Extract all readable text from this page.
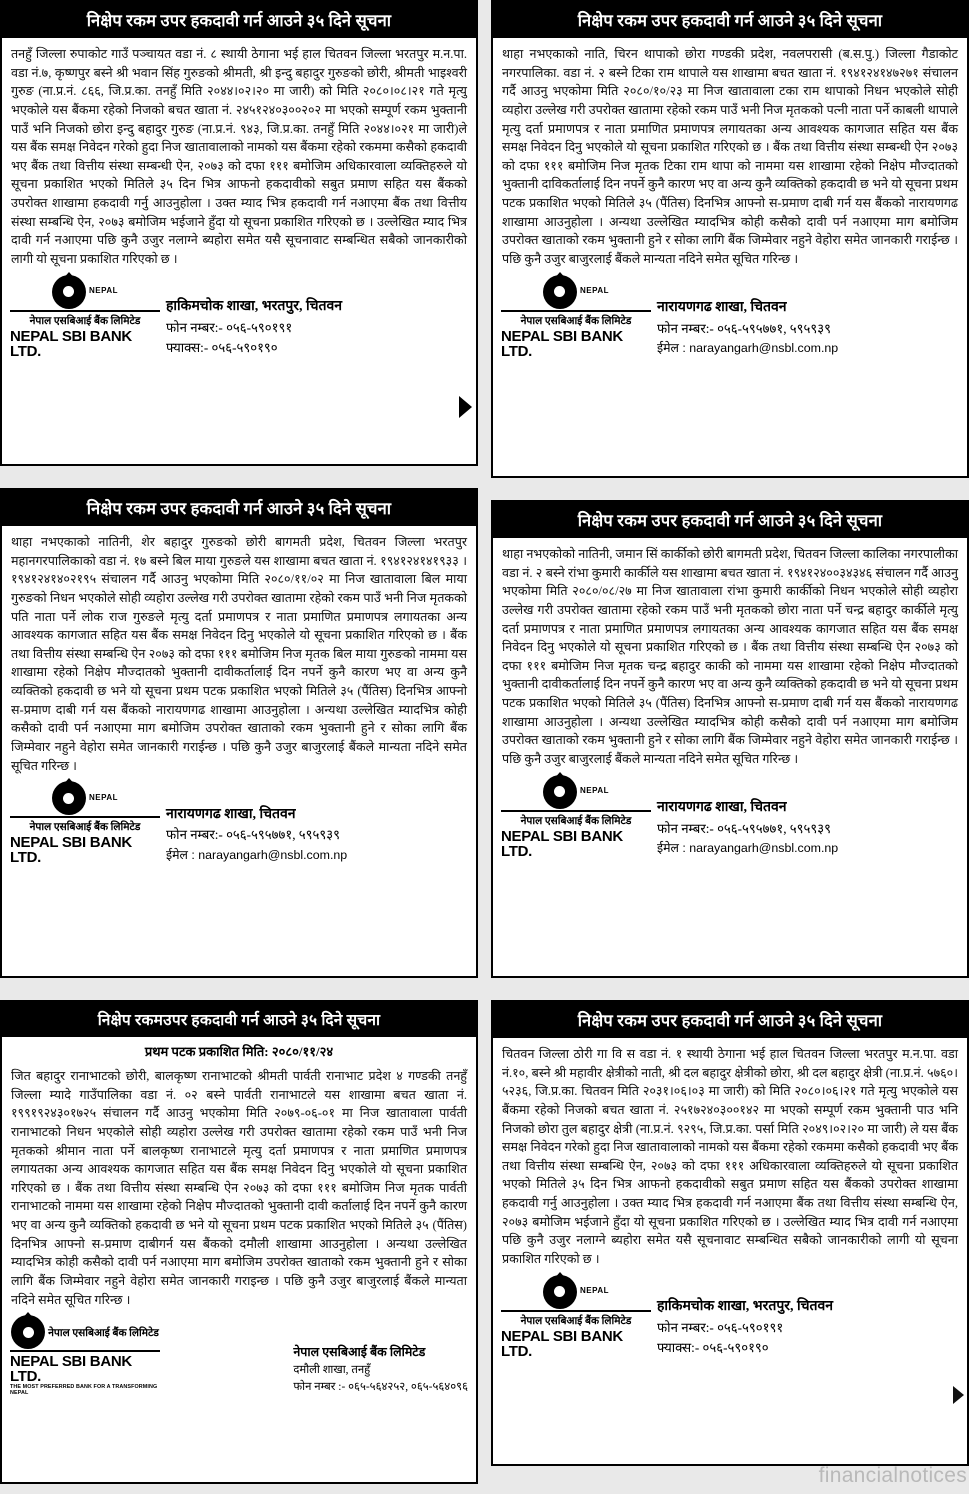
निक्षेप रकम उपर हकदावी गर्न आउने ३५ दिने सूचना
तनहुँ जिल्ला रुपाकोट गाउँ पञ्चायत वडा नं. ८ स्थायी ठेगाना भई हाल चितवन जिल्ला भरतपुर म.न.पा. वडा नं.७, कृष्णपुर बस्ने श्री भवान सिंह गुरुङको श्रीमती, श्री इन्दु बहादुर गुरुङको छोरी, श्रीमती भाइश्वरी गुरुङ (ना.प्र.नं. ८६६, जि.प्र.का. तनहुँ मिति २०४४।०२।२० मा जारी) को मिति २०८०।०८।२१ गते मृत्यु भएकोले यस बैंकमा रहेको निजको बचत खाता नं. २४५१२४०३००२०२ मा भएको सम्पूर्ण रकम भुक्तानी पाउँ भनि निजको छोरा इन्दु बहादुर गुरुङ (ना.प्र.नं. ९४३, जि.प्र.का. तनहुँ मिति २०४४।०२१ मा जारी)ले यस बैंक समक्ष निवेदन गरेको हुदा निज खातावालाको नामको यस बैंकमा रहेको रकममा कसैको हकदावी भए बैंक तथा वित्तीय संस्था सम्बन्धी ऐन, २०७३ को दफा १११ बमोजिम अधिकारवाला व्यक्तिहरुले यो सूचना प्रकाशित भएको मितिले ३५ दिन भित्र आफनो हकदावीको सबुत प्रमाण सहित यस बैंकको उपरोक्त शाखामा हकदावी गर्नु आउनुहोला । उक्त म्याद भित्र हकदावी गर्न नआएमा बैंक तथा वित्तीय संस्था सम्बन्धि ऐन, २०७३ बमोजिम भईजाने हुँदा यो सूचना प्रकाशित गरिएको छ । उल्लेखित म्याद भित्र दावी गर्न नआएमा पछि कुनै उजुर नलाग्ने ब्यहोरा समेत यसै सूचनावाट सम्बन्धित सबैको जानकारीको लागी यो सूचना प्रकाशित गरिएको छ ।
NEPAL
नेपाल एसबिआई बैंक लिमिटेड
NEPAL SBI BANK LTD.
हाकिमचोक शाखा, भरतपुर, चितवन
फोन नम्बर:- ०५६-५९०१९१
फ्याक्स:- ०५६-५९०१९०
निक्षेप रकम उपर हकदावी गर्न आउने ३५ दिने सूचना
थाहा नभएकाको नातिनी, शेर बहादुर गुरुङको छोरी बागमती प्रदेश, चितवन जिल्ला भरतपुर महानगरपालिकाको वडा नं. १७ बस्ने बिल माया गुरुङले यस शाखामा बचत खाता नं. १९४१२४१४१९३३ ।१९४१२४१४०२१९५ संचालन गर्दै आउनु भएकोमा मिति २०८०/११/०२ मा निज खातावाला बिल माया गुरुङको निधन भएकोले सोही व्यहोरा उल्लेख गरी उपरोक्त खातामा रहेको रकम पाउँ भनी निज मृतकको पति नाता पर्ने लोक राज गुरुङले मृत्यु दर्ता प्रमाणपत्र र नाता प्रमाणित प्रमाणपत्र लगायतका अन्य आवश्यक कागजात सहित यस बैंक समक्ष निवेदन दिनु भएकोले यो सूचना प्रकाशित गरिएको छ । बैंक तथा वित्तीय संस्था सम्बन्धि ऐन २०७३ को दफा १११ बमोजिम निज मृतक बिल माया गुरुङको नाममा यस शाखामा रहेको निक्षेप मौज्दातको भुक्तानी दावीकर्तालाई दिन नपर्ने कुनै कारण भए वा अन्य कुनै व्यक्तिको हकदावी छ भने यो सूचना प्रथम पटक प्रकाशित भएको मितिले ३५ (पैंतिस) दिनभित्र आफ्नो स-प्रमाण दाबी गर्न यस बैंकको नारायणगढ शाखामा आउनुहोला । अन्यथा उल्लेखित म्यादभित्र कोही कसैको दावी पर्न नआएमा माग बमोजिम उपरोक्त खाताको रकम भुक्तानी हुने र सोका लागि बैंक जिम्मेवार नहुने वेहोरा समेत जानकारी गराईन्छ । पछि कुनै उजुर बाजुरलाई बैंकले मान्यता नदिने समेत सूचित गरिन्छ ।
NEPAL
नेपाल एसबिआई बैंक लिमिटेड
NEPAL SBI BANK LTD.
नारायणगढ शाखा, चितवन
फोन नम्बर:- ०५६-५९५७७१, ५९५९३९
ईमेल : narayangarh@nsbl.com.np
निक्षेप रकमउपर हकदावी गर्न आउने ३५ दिने सूचना
प्रथम पटक प्रकाशित मिति: २०८०/११/२४
जित बहादुर रानाभाटको छोरी, बालकृष्ण रानाभाटको श्रीमती पार्वती रानाभाट प्रदेश ४ गण्डकी तनहुँ जिल्ला म्यादे गाउँपालिका वडा नं. ०२ बस्ने पार्वती रानाभाटले यस शाखामा बचत खाता नं. १९९१९२४३०१७२५ संचालन गर्दै आउनु भएकोमा मिति २०७९-०६-०१ मा निज खातावाला पार्वती रानाभाटको निधन भएकोले सोही व्यहोरा उल्लेख गरी उपरोक्त खातामा रहेको रकम पाउँ भनी निज मृतकको श्रीमान नाता पर्ने बालकृष्ण रानाभाटले मृत्यु दर्ता प्रमाणपत्र र नाता प्रमाणित प्रमाणपत्र लगायतका अन्य आवश्यक कागजात सहित यस बैंक समक्ष निवेदन दिनु भएकोले यो सूचना प्रकाशित गरिएको छ । बैंक तथा वित्तीय संस्था सम्बन्धि ऐन २०७३ को दफा १११ बमोजिम निज मृतक पार्वती रानाभाटको नाममा यस शाखामा रहेको निक्षेप मौज्दातको भुक्तानी दावी कर्तालाई दिन नपर्ने कुनै कारण भए वा अन्य कुनै व्यक्तिको हकदावी छ भने यो सूचना प्रथम पटक प्रकाशित भएको मितिले ३५ (पैंतिस) दिनभित्र आफ्नो स-प्रमाण दाबीगर्न यस बैंकको दमौली शाखामा आउनुहोला । अन्यथा उल्लेखित म्यादभित्र कोही कसैको दावी पर्न नआएमा माग बमोजिम उपरोक्त खाताको रकम भुक्तानी हुने र सोका लागि बैंक जिम्मेवार नहुने वेहोरा समेत जानकारी गराइन्छ । पछि कुनै उजुर बाजुरलाई बैंकले मान्यता नदिने समेत सूचित गरिन्छ ।
नेपाल एसबिआई बैंक लिमिटेड
NEPAL SBI BANK LTD.
THE MOST PREFERRED BANK FOR A TRANSFORMING NEPAL
नेपाल एसबिआई बैंक लिमिटेड
दमौली शाखा, तनहुँ
फोन नम्बर :- ०६५-५६४२५२, ०६५-५६४०९६
निक्षेप रकम उपर हकदावी गर्न आउने ३५ दिने सूचना
थाहा नभएकाको नाति, चिरन थापाको छोरा गण्डकी प्रदेश, नवलपरासी (ब.स.पु.) जिल्ला गैडाकोट नगरपालिका. वडा नं. २ बस्ने टिका राम थापाले यस शाखामा बचत खाता नं. १९४१२४१४७२७१ संचालन गर्दै आउनु भएकोमा मिति २०८०/१०/२३ मा निज खातावाला टका राम थापाको निधन भएकोले सोही व्यहोरा उल्लेख गरी उपरोक्त खातामा रहेको रकम पाउँ भनी निज मृतकको पत्नी नाता पर्ने काबली थापाले मृत्यु दर्ता प्रमाणपत्र र नाता प्रमाणित प्रमाणपत्र लगायतका अन्य आवश्यक कागजात सहित यस बैंक समक्ष निवेदन दिनु भएकोले यो सूचना प्रकाशित गरिएको छ । बैंक तथा वित्तीय संस्था सम्बन्धी ऐन २०७३ को दफा १११ बमोजिम निज मृतक टिका राम थापा को नाममा यस शाखामा रहेको निक्षेप मौज्दातको भुक्तानी दाविकर्तालाई दिन नपर्ने कुनै कारण भए वा अन्य कुनै व्यक्तिको हकदावी छ भने यो सूचना प्रथम पटक प्रकाशित भएको मितिले ३५ (पैंतिस) दिनभित्र आफ्नो स-प्रमाण दाबी गर्न यस बैंकको नारायणगढ शाखामा आउनुहोला । अन्यथा उल्लेखित म्यादभित्र कोही कसैको दावी पर्न नआएमा माग बमोजिम उपरोक्त खाताको रकम भुक्तानी हुने र सोका लागि बैंक जिम्मेवार नहुने वेहोरा समेत जानकारी गराईन्छ । पछि कुनै उजुर बाजुरलाई बैंकले मान्यता नदिने समेत सूचित गरिन्छ ।
NEPAL
नेपाल एसबिआई बैंक लिमिटेड
NEPAL SBI BANK LTD.
नारायणगढ शाखा, चितवन
फोन नम्बर:- ०५६-५९५७७१, ५९५९३९
ईमेल : narayangarh@nsbl.com.np
निक्षेप रकम उपर हकदावी गर्न आउने ३५ दिने सूचना
थाहा नभएकोको नातिनी, जमान सिं कार्कीको छोरी बागमती प्रदेश, चितवन जिल्ला कालिका नगरपालीका वडा नं. २ बस्ने रांभा कुमारी कार्कीले यस शाखामा बचत खाता नं. १९४१२४००३४३४६ संचालन गर्दै आउनु भएकोमा मिति २०८०/०८/२७ मा निज खातावाला रांभा कुमारी कार्कीको निधन भएकोले सोही व्यहोरा उल्लेख गरी उपरोक्त खातामा रहेको रकम पाउँ भनी मृतकको छोरा नाता पर्ने चन्द्र बहादुर कार्कीले मृत्यु दर्ता प्रमाणपत्र र नाता प्रमाणित प्रमाणपत्र लगायतका अन्य आवश्यक कागजात सहित यस बैंक समक्ष निवेदन दिनु भएकोले यो सूचना प्रकाशित गरिएको छ । बैंक तथा वित्तीय संस्था सम्बन्धि ऐन २०७३ को दफा १११ बमोजिम निज मृतक चन्द्र बहादुर काकी को नाममा यस शाखामा रहेको निक्षेप मौज्दातको भुक्तानी दावीकर्तालाई दिन नपर्ने कुनै कारण भए वा अन्य कुनै व्यक्तिको हकदावी छ भने यो सूचना प्रथम पटक प्रकाशित भएको मितिले ३५ (पैंतिस) दिनभित्र आफ्नो स-प्रमाण दाबी गर्न यस बैंकको नारायणगढ शाखामा आउनुहोला । अन्यथा उल्लेखित म्यादभित्र कोही कसैको दावी पर्न नआएमा माग बमोजिम उपरोक्त खाताको रकम भुक्तानी हुने र सोका लागि बैंक जिम्मेवार नहुने वेहोरा समेत जानकारी गराईन्छ । पछि कुनै उजुर बाजुरलाई बैंकले मान्यता नदिने समेत सूचित गरिन्छ ।
NEPAL
नेपाल एसबिआई बैंक लिमिटेड
NEPAL SBI BANK LTD.
नारायणगढ शाखा, चितवन
फोन नम्बर:- ०५६-५९५७७१, ५९५९३९
ईमेल : narayangarh@nsbl.com.np
निक्षेप रकम उपर हकदावी गर्न आउने ३५ दिने सूचना
चितवन जिल्ला ठोरी गा वि स वडा नं. १ स्थायी ठेगाना भई हाल चितवन जिल्ला भरतपुर म.न.पा. वडा नं.१०, बस्ने श्री महावीर क्षेत्रीको नाती, श्री दल बहादुर क्षेत्रीको छोरा, श्री दल बहादुर क्षेत्री (ना.प्र.नं. ५७६०।५२३६, जि.प्र.का. चितवन मिति २०३१।०६।०३ मा जारी) को मिति २०८०।०६।२१ गते मृत्यु भएकोले यस बैंकमा रहेको निजको बचत खाता नं. २५१७२४०३००१४२ मा भएको सम्पूर्ण रकम भुक्तानी पाउ भनि निजको छोरा तुल बहादुर क्षेत्री (ना.प्र.नं. ९२९५, जि.प्र.का. पर्सा मिति २०४९।०२।२० मा जारी) ले यस बैंक समक्ष निवेदन गरेको हुदा निज खातावालाको नामको यस बैंकमा रहेको रकममा कसैको हकदावी भए बैंक तथा वित्तीय संस्था सम्बन्धि ऐन, २०७३ को दफा १११ अधिकारवाला व्यक्तिहरुले यो सूचना प्रकाशित भएको मितिले ३५ दिन भित्र आफनो हकदावीको सबुत प्रमाण सहित यस बैंकको उपरोक्त शाखामा हकदावी गर्नु आउनुहोला । उक्त म्याद भित्र हकदावी गर्न नआएमा बैंक तथा वित्तीय संस्था सम्बन्धि ऐन, २०७३ बमोजिम भईजाने हुँदा यो सूचना प्रकाशित गरिएको छ । उल्लेखित म्याद भित्र दावी गर्न नआएमा पछि कुनै उजुर नलाग्ने ब्यहोरा समेत यसै सूचनावाट सम्बन्धित सबैको जानकारीको लागी यो सूचना प्रकाशित गरिएको छ ।
NEPAL
नेपाल एसबिआई बैंक लिमिटेड
NEPAL SBI BANK LTD.
हाकिमचोक शाखा, भरतपुर, चितवन
फोन नम्बर:- ०५६-५९०१९१
फ्याक्स:- ०५६-५९०१९०
financialnotices
